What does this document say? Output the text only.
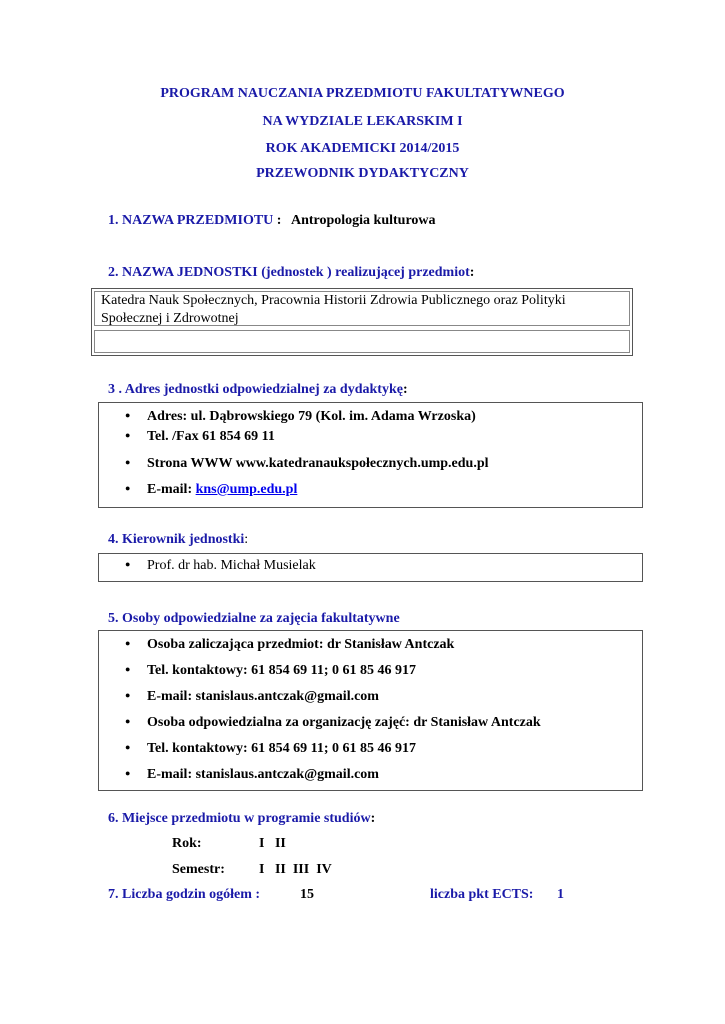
PROGRAM NAUCZANIA PRZEDMIOTU FAKULTATYWNEGO
NA WYDZIALE LEKARSKIM I
ROK AKADEMICKI 2014/2015
PRZEWODNIK DYDAKTYCZNY
1. NAZWA PRZEDMIOTU : Antropologia kulturowa
2. NAZWA JEDNOSTKI (jednostek ) realizującej przedmiot:
Katedra Nauk Społecznych, Pracownia Historii Zdrowia Publicznego oraz Polityki
Społecznej i Zdrowotnej
3 . Adres jednostki odpowiedzialnej za dydaktykę:
● Adres: ul. Dąbrowskiego 79 (Kol. im. Adama Wrzoska)
● Tel. /Fax 61 854 69 11
● Strona WWW www.katedranaukspołecznych.ump.edu.pl
● E-mail: kns@ump.edu.pl
4. Kierownik jednostki:
● Prof. dr hab. Michał Musielak
5. Osoby odpowiedzialne za zajęcia fakultatywne
● Osoba zaliczająca przedmiot: dr Stanisław Antczak
● Tel. kontaktowy: 61 854 69 11; 0 61 85 46 917
● E-mail: stanislaus.antczak@gmail.com
● Osoba odpowiedzialna za organizację zajęć: dr Stanisław Antczak
● Tel. kontaktowy: 61 854 69 11; 0 61 85 46 917
● E-mail: stanislaus.antczak@gmail.com
6. Miejsce przedmiotu w programie studiów:
Rok:	I   II
Semestr: I   II  III  IV
7. Liczba godzin ogółem :	15	liczba pkt ECTS: 1
